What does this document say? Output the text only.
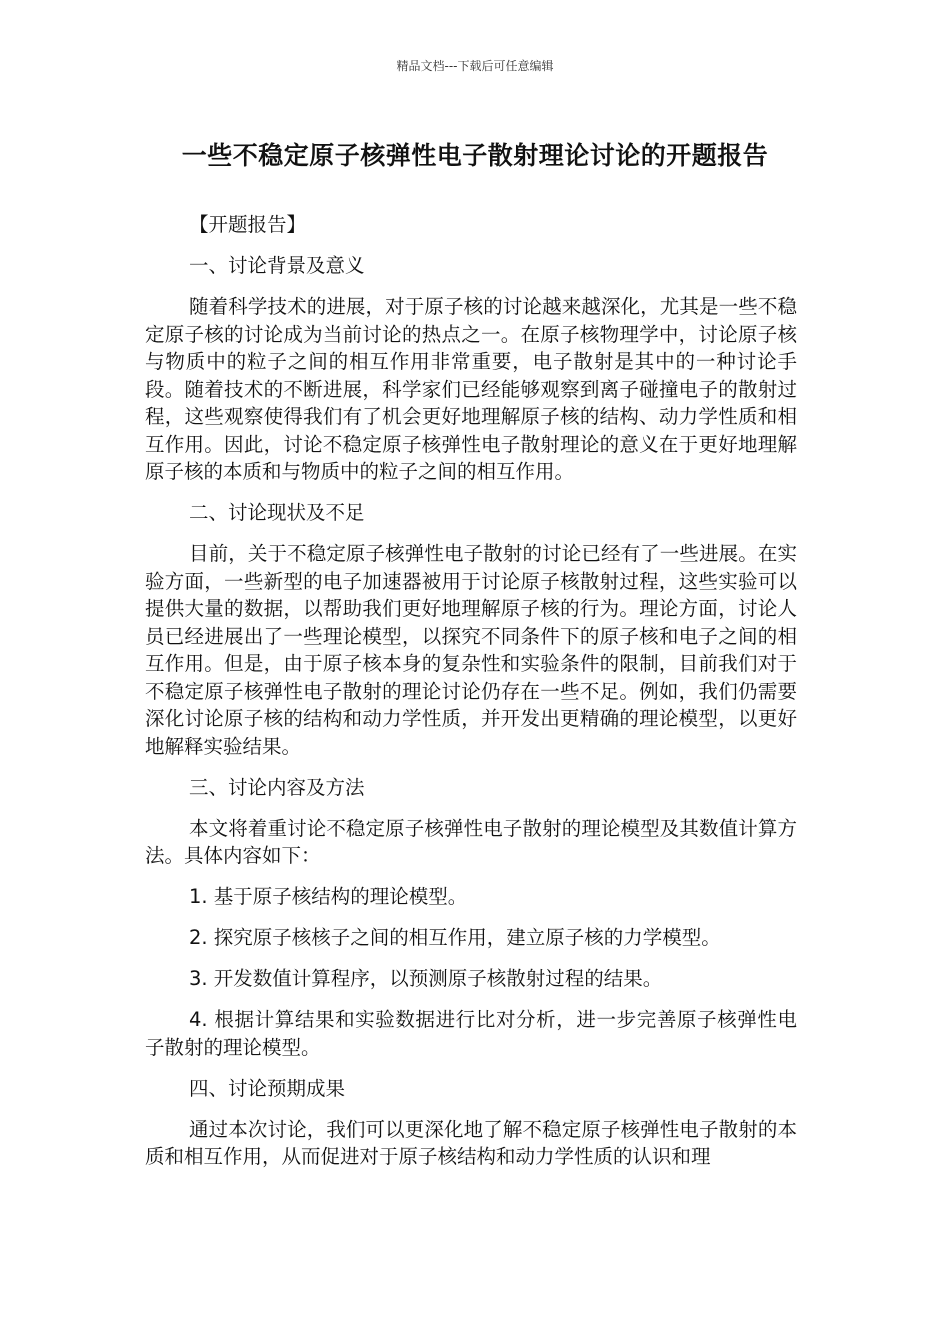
精品文档---下载后可任意编辑
一些不稳定原子核弹性电子散射理论讨论的开题报告

【开题报告】

一、讨论背景及意义

随着科学技术的进展，对于原子核的讨论越来越深化，尤其是一些不稳定原子核的讨论成为当前讨论的热点之一。在原子核物理学中，讨论原子核与物质中的粒子之间的相互作用非常重要，电子散射是其中的一种讨论手段。随着技术的不断进展，科学家们已经能够观察到离子碰撞电子的散射过程，这些观察使得我们有了机会更好地理解原子核的结构、动力学性质和相互作用。因此，讨论不稳定原子核弹性电子散射理论的意义在于更好地理解原子核的本质和与物质中的粒子之间的相互作用。

二、讨论现状及不足

目前，关于不稳定原子核弹性电子散射的讨论已经有了一些进展。在实验方面，一些新型的电子加速器被用于讨论原子核散射过程，这些实验可以提供大量的数据，以帮助我们更好地理解原子核的行为。理论方面，讨论人员已经进展出了一些理论模型，以探究不同条件下的原子核和电子之间的相互作用。但是，由于原子核本身的复杂性和实验条件的限制，目前我们对于不稳定原子核弹性电子散射的理论讨论仍存在一些不足。例如，我们仍需要深化讨论原子核的结构和动力学性质，并开发出更精确的理论模型，以更好地解释实验结果。

三、讨论内容及方法

本文将着重讨论不稳定原子核弹性电子散射的理论模型及其数值计算方法。具体内容如下：

1. 基于原子核结构的理论模型。

2. 探究原子核核子之间的相互作用，建立原子核的力学模型。

3. 开发数值计算程序，以预测原子核散射过程的结果。

4. 根据计算结果和实验数据进行比对分析，进一步完善原子核弹性电子散射的理论模型。

四、讨论预期成果

通过本次讨论，我们可以更深化地了解不稳定原子核弹性电子散射的本质和相互作用，从而促进对于原子核结构和动力学性质的认识和理
